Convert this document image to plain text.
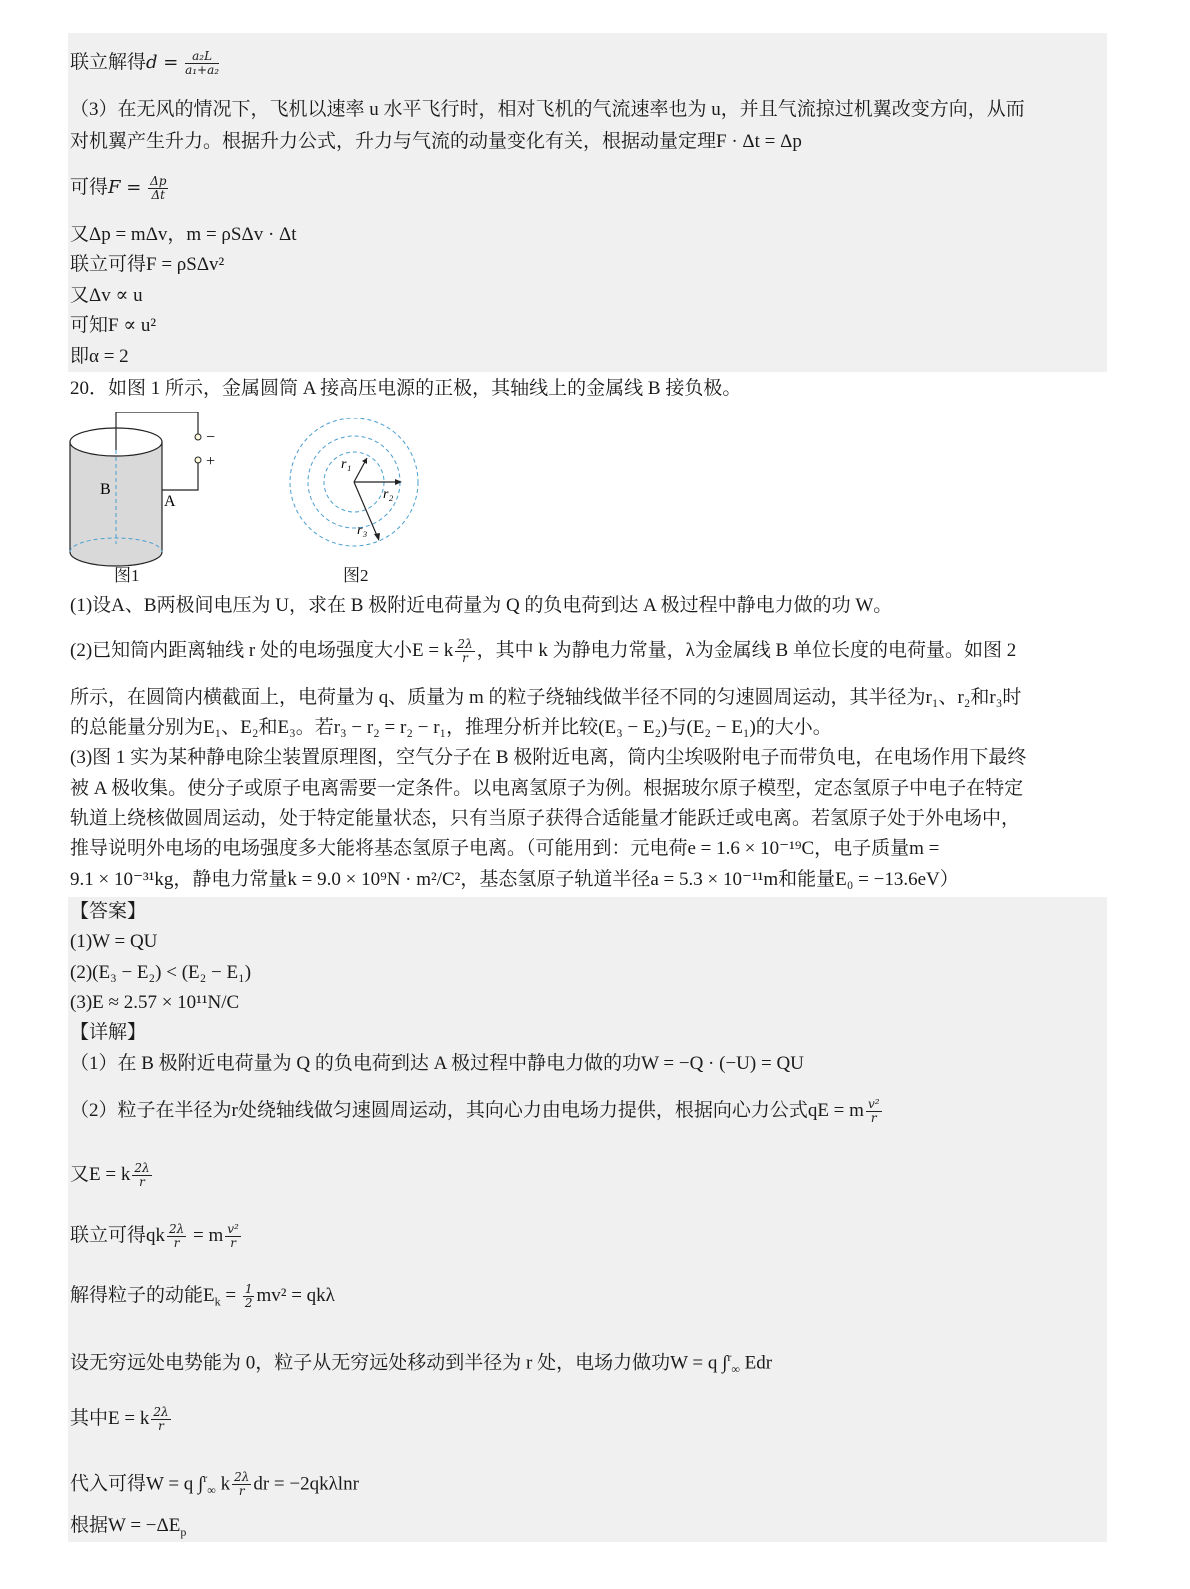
联立解得$d = \frac{\text{a₂L}}{\text{a₁+a₂}}$
（3）在无风的情况下，飞机以速率 u 水平飞行时，相对飞机的气流速率也为 u，并且气流掠过机翼改变方向，从而
对机翼产生升力。根据升力公式，升力与气流的动量变化有关，根据动量定理F · Δt = Δp
可得$F = \frac{\Delta p}{\Delta t}$
又Δp = mΔv，m = ρSΔv · Δt
联立可得F = ρSΔv²
又Δv ∝ u
可知F ∝ u²
即α = 2
20．如图 1 所示，金属圆筒 A 接高压电源的正极，其轴线上的金属线 B 接负极。
−
+
B
A
图1
r₁
r₂
r₃
图2
(1)设A、B两极间电压为 U，求在 B 极附近电荷量为 Q 的负电荷到达 A 极过程中静电力做的功 W。
(2)已知筒内距离轴线 r 处的电场强度大小E = k $\frac{2\lambda}{r}$ ，其中 k 为静电力常量，λ为金属线 B 单位长度的电荷量。如图 2
所示，在圆筒内横截面上，电荷量为 q、质量为 m 的粒子绕轴线做半径不同的匀速圆周运动，其半径为r₁、r₂和r₃时
的总能量分别为E₁、E₂和E₃。若r₃ − r₂ = r₂ − r₁，推理分析并比较(E₃ − E₂)与(E₂ − E₁)的大小。
(3)图 1 实为某种静电除尘装置原理图，空气分子在 B 极附近电离，筒内尘埃吸附电子而带负电，在电场作用下最终
被 A 极收集。使分子或原子电离需要一定条件。以电离氢原子为例。根据玻尔原子模型，定态氢原子中电子在特定
轨道上绕核做圆周运动，处于特定能量状态，只有当原子获得合适能量才能跃迁或电离。若氢原子处于外电场中，
推导说明外电场的电场强度多大能将基态氢原子电离。（可能用到：元电荷e = 1.6 × 10⁻¹⁹C，电子质量m =
9.1 × 10⁻³¹kg，静电力常量k = 9.0 × 10⁹N · m²/C²，基态氢原子轨道半径a = 5.3 × 10⁻¹¹m和能量E₀ = −13.6eV）
【答案】
(1)W = QU
(2)(E₃ − E₂) < (E₂ − E₁)
(3)E ≈ 2.57 × 10¹¹N/C
【详解】
（1）在 B 极附近电荷量为 Q 的负电荷到达 A 极过程中静电力做的功W = −Q · (−U) = QU
（2）粒子在半径为r处绕轴线做匀速圆周运动，其向心力由电场力提供，根据向心力公式qE = m $\frac{\text{v²}}{r}$
又E = k $\frac{2\lambda}{r}$
联立可得qk $\frac{2\lambda}{r} = m \frac{\text{v²}}{r}$
解得粒子的动能$E_k = \frac{1}{2} mv^2 = qk\lambda$
设无穷远处电势能为 0，粒子从无穷远处移动到半径为 r 处，电场力做功W = q ∫$^r_\infty$ Edr
其中E = k $\frac{2\lambda}{r}$
代入可得W = q ∫$^r_\infty$ k $\frac{2\lambda}{r}$ dr = −2qkλlnr
根据$W = -\Delta E_p$
